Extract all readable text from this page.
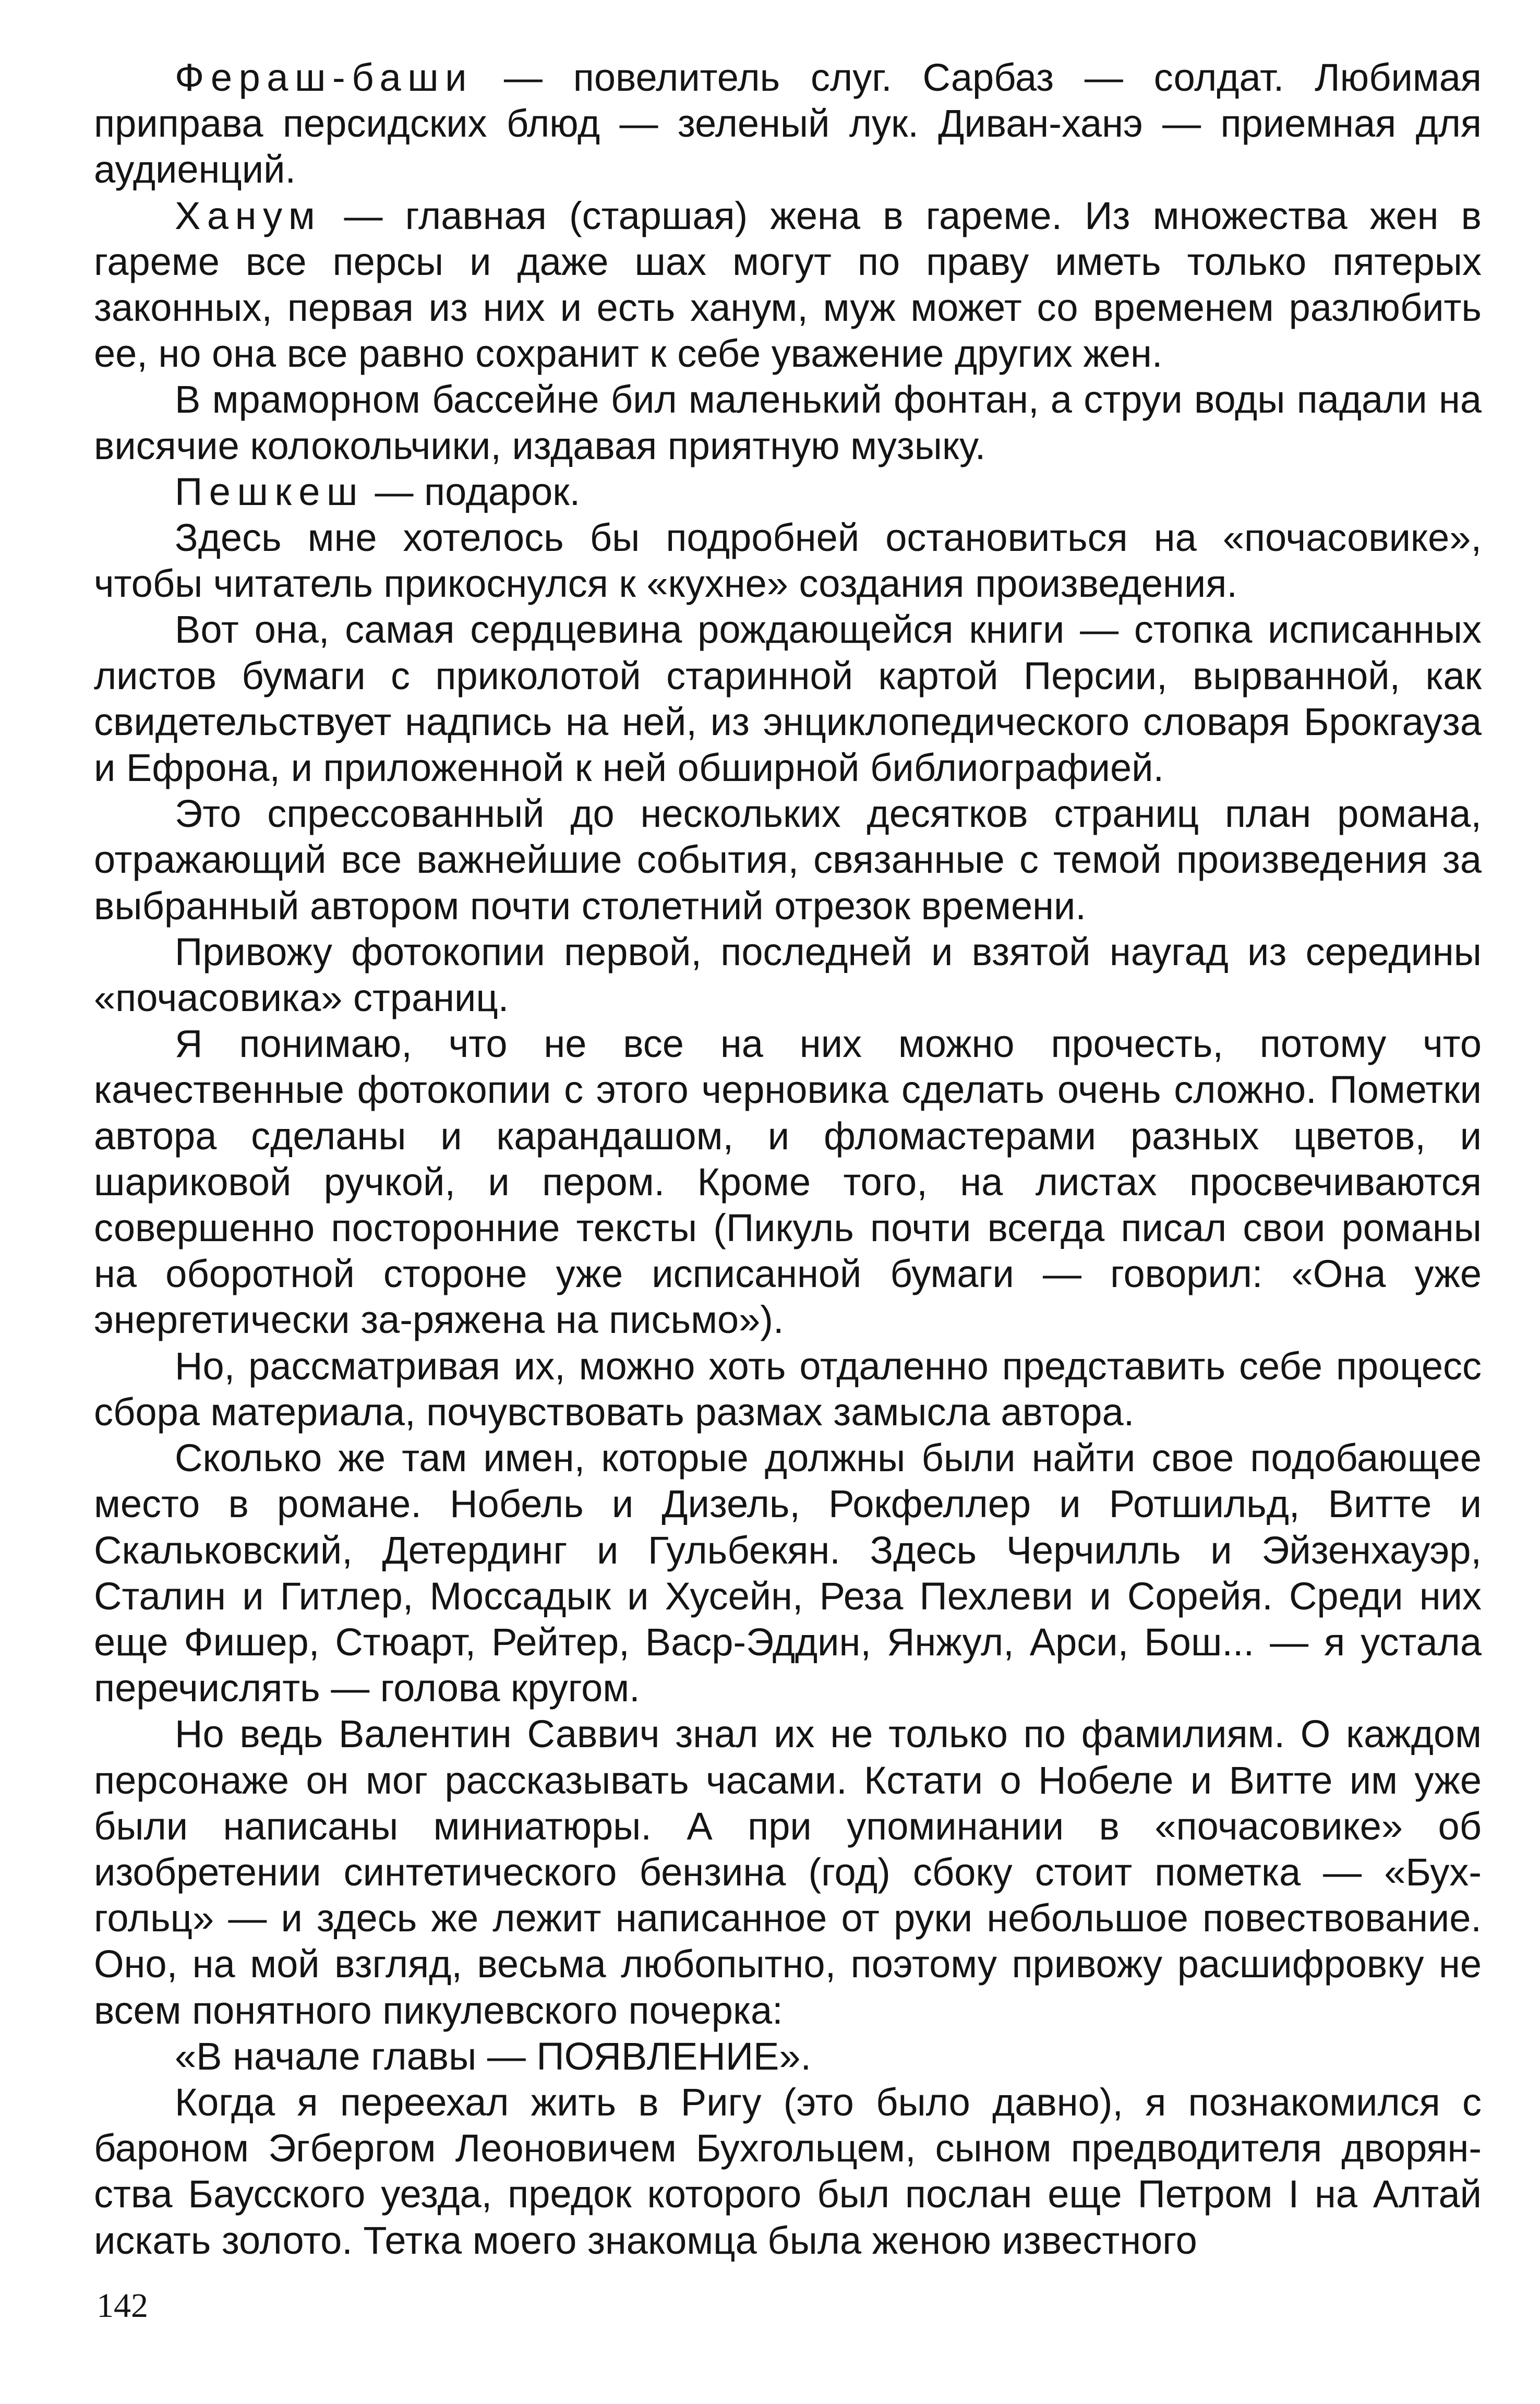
Фераш-баши — повелитель слуг. Сарбаз — солдат. Любимая приправа персидских блюд — зеленый лук. Диван-ханэ — приемная для аудиенций.

Ханум — главная (старшая) жена в гареме. Из множества жен в гареме все персы и даже шах могут по праву иметь только пятерых законных, первая из них и есть ханум, муж может со временем разлюбить ее, но она все равно сохранит к себе уважение других жен.

В мраморном бассейне бил маленький фонтан, а струи воды падали на висячие колокольчики, издавая приятную музыку.

Пешкеш — подарок.

Здесь мне хотелось бы подробней остановиться на «почасовике», чтобы читатель прикоснулся к «кухне» создания произведения.

Вот она, самая сердцевина рождающейся книги — стопка исписанных листов бумаги с приколотой старинной картой Персии, вырванной, как свидетельствует надпись на ней, из энциклопедического словаря Брокгауза и Ефрона, и приложенной к ней обширной библиографией.

Это спрессованный до нескольких десятков страниц план романа, отражающий все важнейшие события, связанные с темой произведения за выбранный автором почти столетний отрезок времени.

Привожу фотокопии первой, последней и взятой наугад из середины «почасовика» страниц.

Я понимаю, что не все на них можно прочесть, потому что качественные фотокопии с этого черновика сделать очень сложно. Пометки автора сделаны и карандашом, и фломастерами разных цветов, и шариковой ручкой, и пером. Кроме того, на листах просвечиваются совершенно посторонние тексты (Пикуль почти всегда писал свои романы на оборотной стороне уже исписанной бумаги — говорил: «Она уже энергетически за-ряжена на письмо»).

Но, рассматривая их, можно хоть отдаленно представить себе процесс сбора материала, почувствовать размах замысла автора.

Сколько же там имен, которые должны были найти свое подобающее место в романе. Нобель и Дизель, Рокфеллер и Ротшильд, Витте и Скальковский, Детердинг и Гульбекян. Здесь Черчилль и Эйзенхауэр, Сталин и Гитлер, Моссадык и Хусейн, Реза Пехлеви и Сорейя. Среди них еще Фишер, Стюарт, Рейтер, Васр-Эддин, Янжул, Арси, Бош... — я устала перечислять — голова кругом.

Но ведь Валентин Саввич знал их не только по фамилиям. О каждом персонаже он мог рассказывать часами. Кстати о Нобеле и Витте им уже были написаны миниатюры. А при упоминании в «почасовике» об изобретении синтетического бензина (год) сбоку стоит пометка — «Бух-гольц» — и здесь же лежит написанное от руки небольшое повествование. Оно, на мой взгляд, весьма любопытно, поэтому привожу расшифровку не всем понятного пикулевского почерка:

«В начале главы — ПОЯВЛЕНИЕ».

Когда я переехал жить в Ригу (это было давно), я познакомился с бароном Эгбергом Леоновичем Бухгольцем, сыном предводителя дворян-ства Баусского уезда, предок которого был послан еще Петром I на Алтай искать золото. Тетка моего знакомца была женою известного

142
